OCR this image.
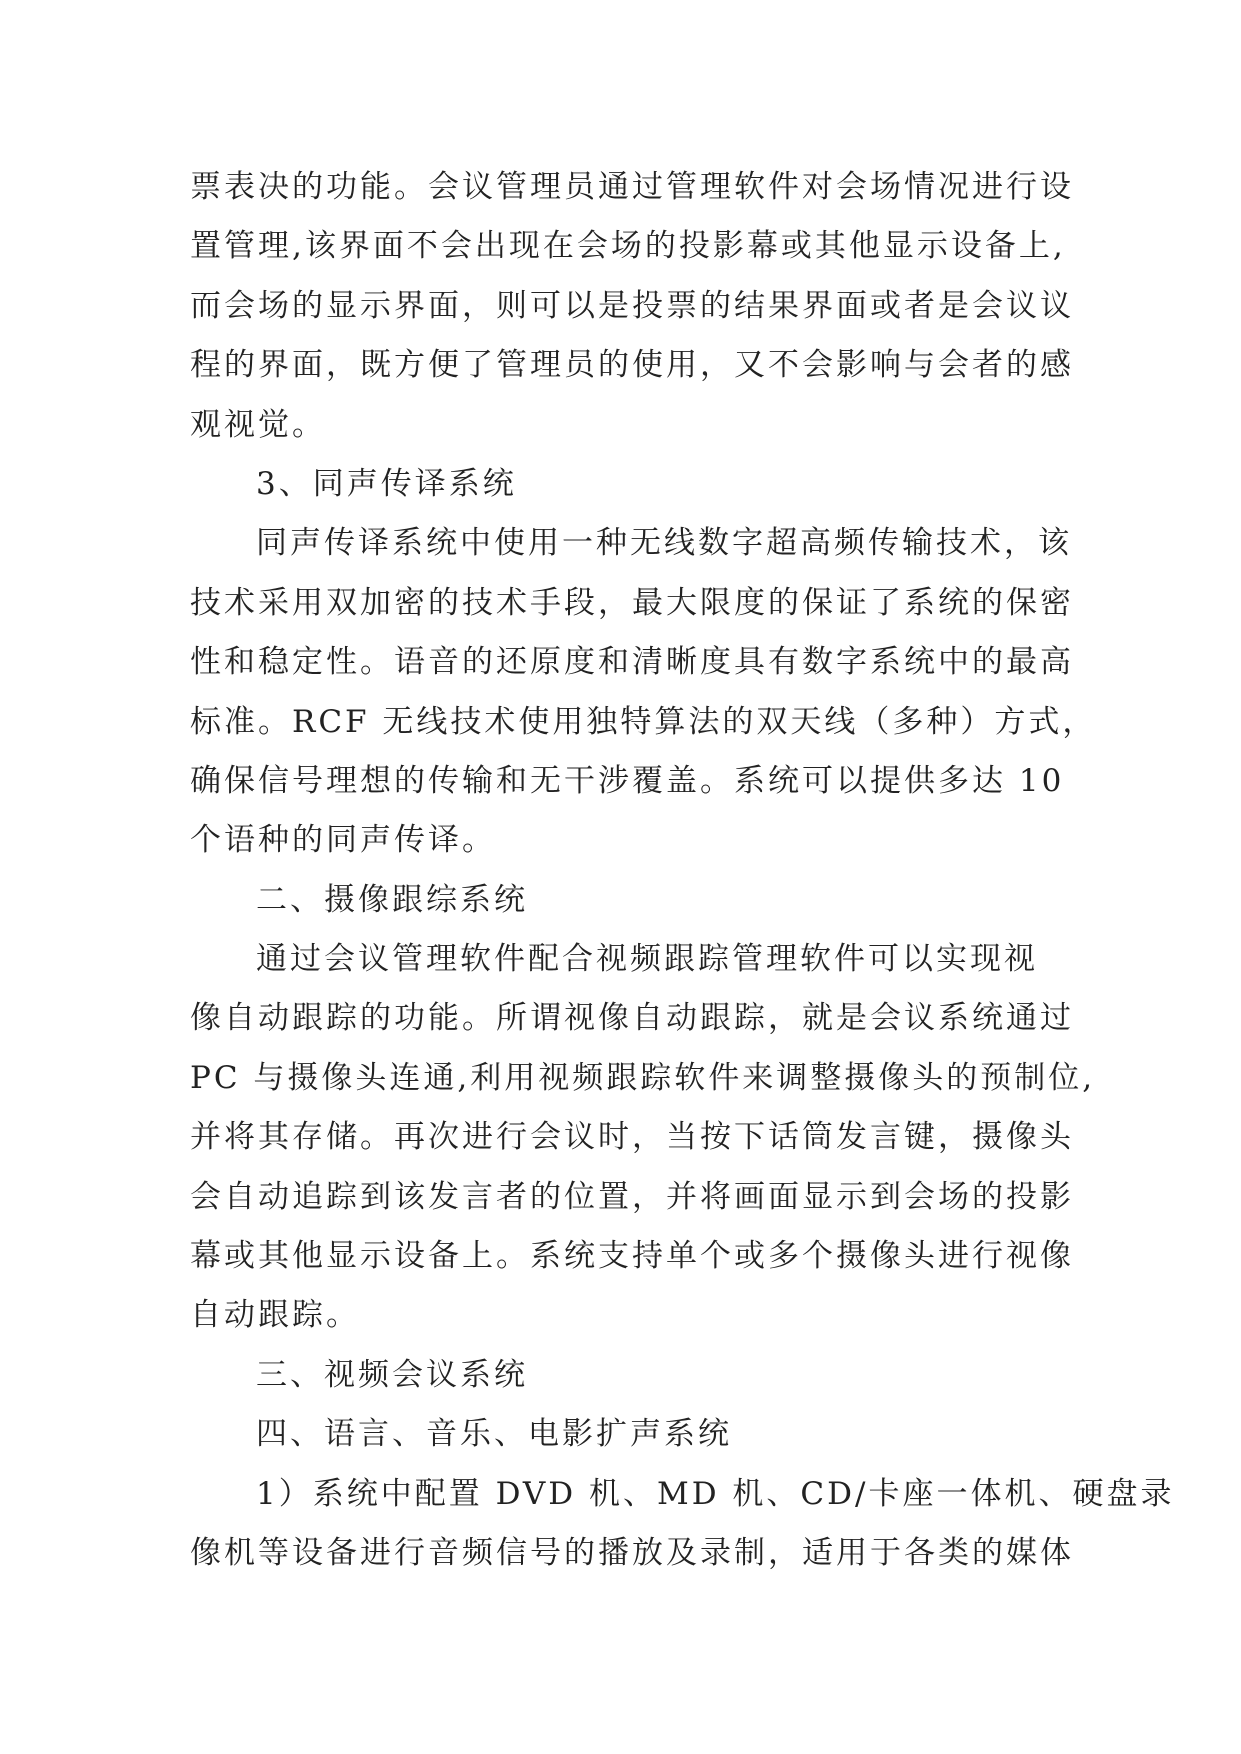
票表决的功能。会议管理员通过管理软件对会场情况进行设
置管理,该界面不会出现在会场的投影幕或其他显示设备上,
而会场的显示界面，则可以是投票的结果界面或者是会议议
程的界面，既方便了管理员的使用，又不会影响与会者的感
观视觉。
3、同声传译系统
同声传译系统中使用一种无线数字超高频传输技术，该
技术采用双加密的技术手段，最大限度的保证了系统的保密
性和稳定性。语音的还原度和清晰度具有数字系统中的最高
标准。RCF 无线技术使用独特算法的双天线（多种）方式，
确保信号理想的传输和无干涉覆盖。系统可以提供多达 10
个语种的同声传译。
二、摄像跟综系统
通过会议管理软件配合视频跟踪管理软件可以实现视
像自动跟踪的功能。所谓视像自动跟踪，就是会议系统通过
PC 与摄像头连通,利用视频跟踪软件来调整摄像头的预制位,
并将其存储。再次进行会议时，当按下话筒发言键，摄像头
会自动追踪到该发言者的位置，并将画面显示到会场的投影
幕或其他显示设备上。系统支持单个或多个摄像头进行视像
自动跟踪。
三、视频会议系统
四、语言、音乐、电影扩声系统
1）系统中配置 DVD 机、MD 机、CD/卡座一体机、硬盘录
像机等设备进行音频信号的播放及录制，适用于各类的媒体
